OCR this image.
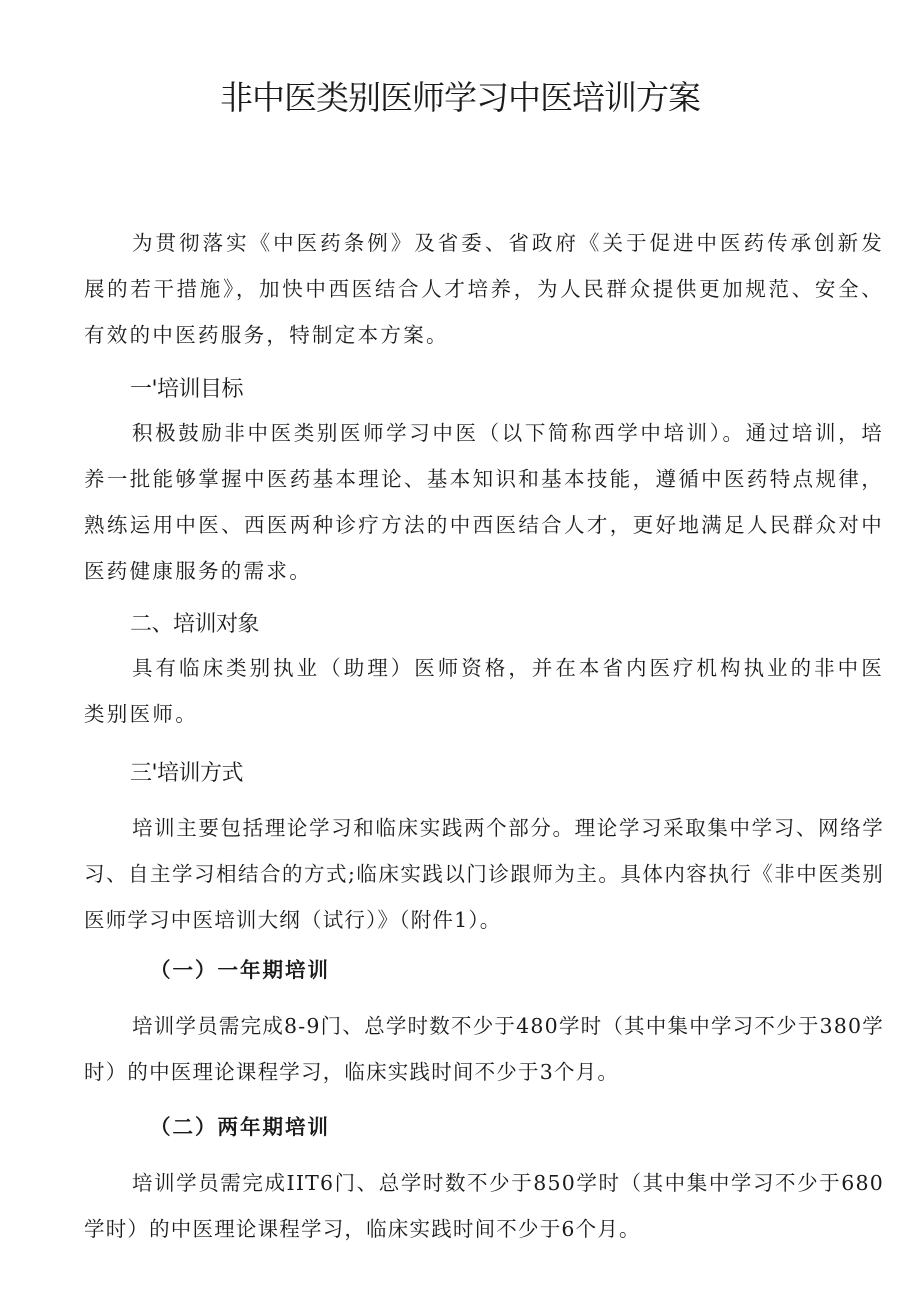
非中医类别医师学习中医培训方案

为贯彻落实《中医药条例》及省委、省政府《关于促进中医药传承创新发展的若干措施》，加快中西医结合人才培养，为人民群众提供更加规范、安全、有效的中医药服务，特制定本方案。

一'培训目标

积极鼓励非中医类别医师学习中医（以下简称西学中培训）。通过培训，培养一批能够掌握中医药基本理论、基本知识和基本技能，遵循中医药特点规律，熟练运用中医、西医两种诊疗方法的中西医结合人才，更好地满足人民群众对中医药健康服务的需求。

二、培训对象

具有临床类别执业（助理）医师资格，并在本省内医疗机构执业的非中医类别医师。

三'培训方式

培训主要包括理论学习和临床实践两个部分。理论学习采取集中学习、网络学习、自主学习相结合的方式;临床实践以门诊跟师为主。具体内容执行《非中医类别医师学习中医培训大纲（试行）》（附件1）。

（一）一年期培训

培训学员需完成8-9门、总学时数不少于480学时（其中集中学习不少于380学时）的中医理论课程学习，临床实践时间不少于3个月。

（二）两年期培训

培训学员需完成IIT6门、总学时数不少于850学时（其中集中学习不少于680学时）的中医理论课程学习，临床实践时间不少于6个月。
